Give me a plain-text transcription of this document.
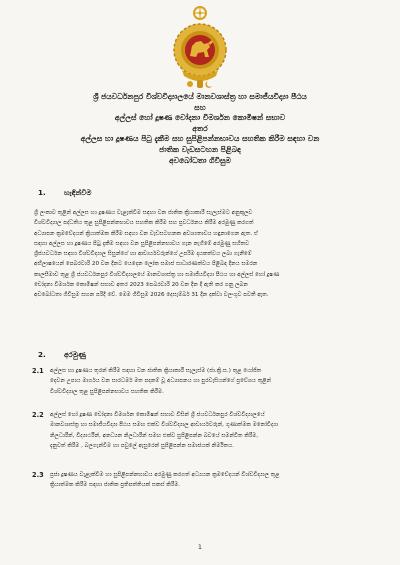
ශ්‍රී ජයවර්ධනපුර විශ්වවිද්‍යාලයේ මානවශාස්ත්‍ර හා සමාජීයවිද්‍යා පීඨය
සහ
අල්ලස් හෝ දූෂණ චෝදනා විමර්ශන කොමිෂන් සභාව
අතර
අල්ලස හා දූෂණය පිටු දැකීම සහ සුපිළිපන්නභාවය සහතික කිරීම සඳහා වන
ජාතික වැඩසටහන පිළිබඳ
අවබෝධතා ගිවිසුම
1.	හැඳින්වීම
ශ්‍රී ලංකාව තුළින් අල්ලස හා දූෂණය වැළැක්වීම සඳහා වන ජාතික ක්‍රියාකාරී සැලැස්මට අනුකූලව
විශ්වවිද්‍යාල පද්ධතිය තුළ සුපිළිපන්නභාවය සහතික කිරීම සහ ප්‍රවර්ධනය කිරීම අරමුණු කරගත්
අධ්‍යාපන ක්‍රමවේදයන් ක්‍රියාත්මක කිරීම සඳහා වන වැඩසටහනක අවශ්‍යතාවය හඳුනාගෙන ඇත. ඒ
සඳහා අල්ලස හා දූෂණය පිටු දැකීම සඳහා වන සුපිළිපන්නභාවය ගැන නැගීමේ අරමුණු සහිතව
ශ්‍රීජයවර්ධන සඳහා විශ්වවිද්‍යාල සිසුන්ගේ හා ආචාර්යවරුන්ගේ උපරිම දායකත්වය ලබා ගැනීමේ
අභිලාෂයෙන් පෙබරවාරි 20 වන දිනට යෙදෙන ලෝක සමාජ සාධාරණත්වය පිළිබඳ දිනය සමරන
කාලසීමාව තුළ ශ්‍රී ජයවර්ධනපුර විශ්වවිද්‍යාලයේ මානවශාස්ත්‍ර හා සමාජීයවිද්‍යා පීඨය හා අල්ලස් හෝ දූෂණ
චෝදනා විමර්ශන කොමිෂන් සභාව අතර 2023 පෙබරවාරි 20 වන දින දී ඇති කර ගනු ලබන
අවබෝධතා ගිවිසුම සහන පරිදි වේ. මෙම ගිවිසුම 2026 දෙසැම්බර් 31 දින දක්වා වලංගුව පවතී ඇත.
2.	අරමුණු
2.1 අල්ලස හා දූෂණය තුරන් කිරීම සඳහා වන ජාතික ක්‍රියාකාරී සැලැස්ම (ජා.ක්‍රි.ස.) තුළ යෝජිත
දෙවන උපාය මාර්ගය වන සාරධර්ම මත පදනම් වූ අධ්‍යාපනය හා පුරවැසියන්ගේ ප්‍රවේශය තුළින්
විශ්වවිද්‍යාල තුළ සුපිළිපන්නභාවය සහතික කිරීම.
2.2 අල්ලස් හෝ දූෂණ චෝදනා විමර්ශන කොමිෂන් සභාව විසින් ශ්‍රී ජයවර්ධනපුර විශ්වවිද්‍යාලයේ
මානවශාස්ත්‍ර හා සමාජීයවිද්‍යා පීඨය සමඟ එක්ව විශ්වවිද්‍යාල ආචාර්යවරුන්, ගුණාත්මක මනෝවිද්‍යා
නිලධාරීන්, විද්‍යාර්ථීන්, අනධ්‍යන නිලධාරීන් සමඟ එක්ව සුපිළිපන්න බවයේ සමන්විත කිරීම,
දැනුවත් කිරීම , බලගැන්වීම හා පවුලේ ඇසුරෙන් සුපිළිපන්න සමාජයක් නිර්මිතය.
2.3 ප්‍රජා දූෂණය වැළැක්වීම හා සුපිළිපන්නභාවය අරමුණු කරගත් අධ්‍යයන ක්‍රමවේදයන් විශ්වවිද්‍යාල තුළ
ක්‍රියාත්මක කිරීම සඳහා ජාතික ප්‍රතිපත්තියක් සකස් කිරීම.
1
